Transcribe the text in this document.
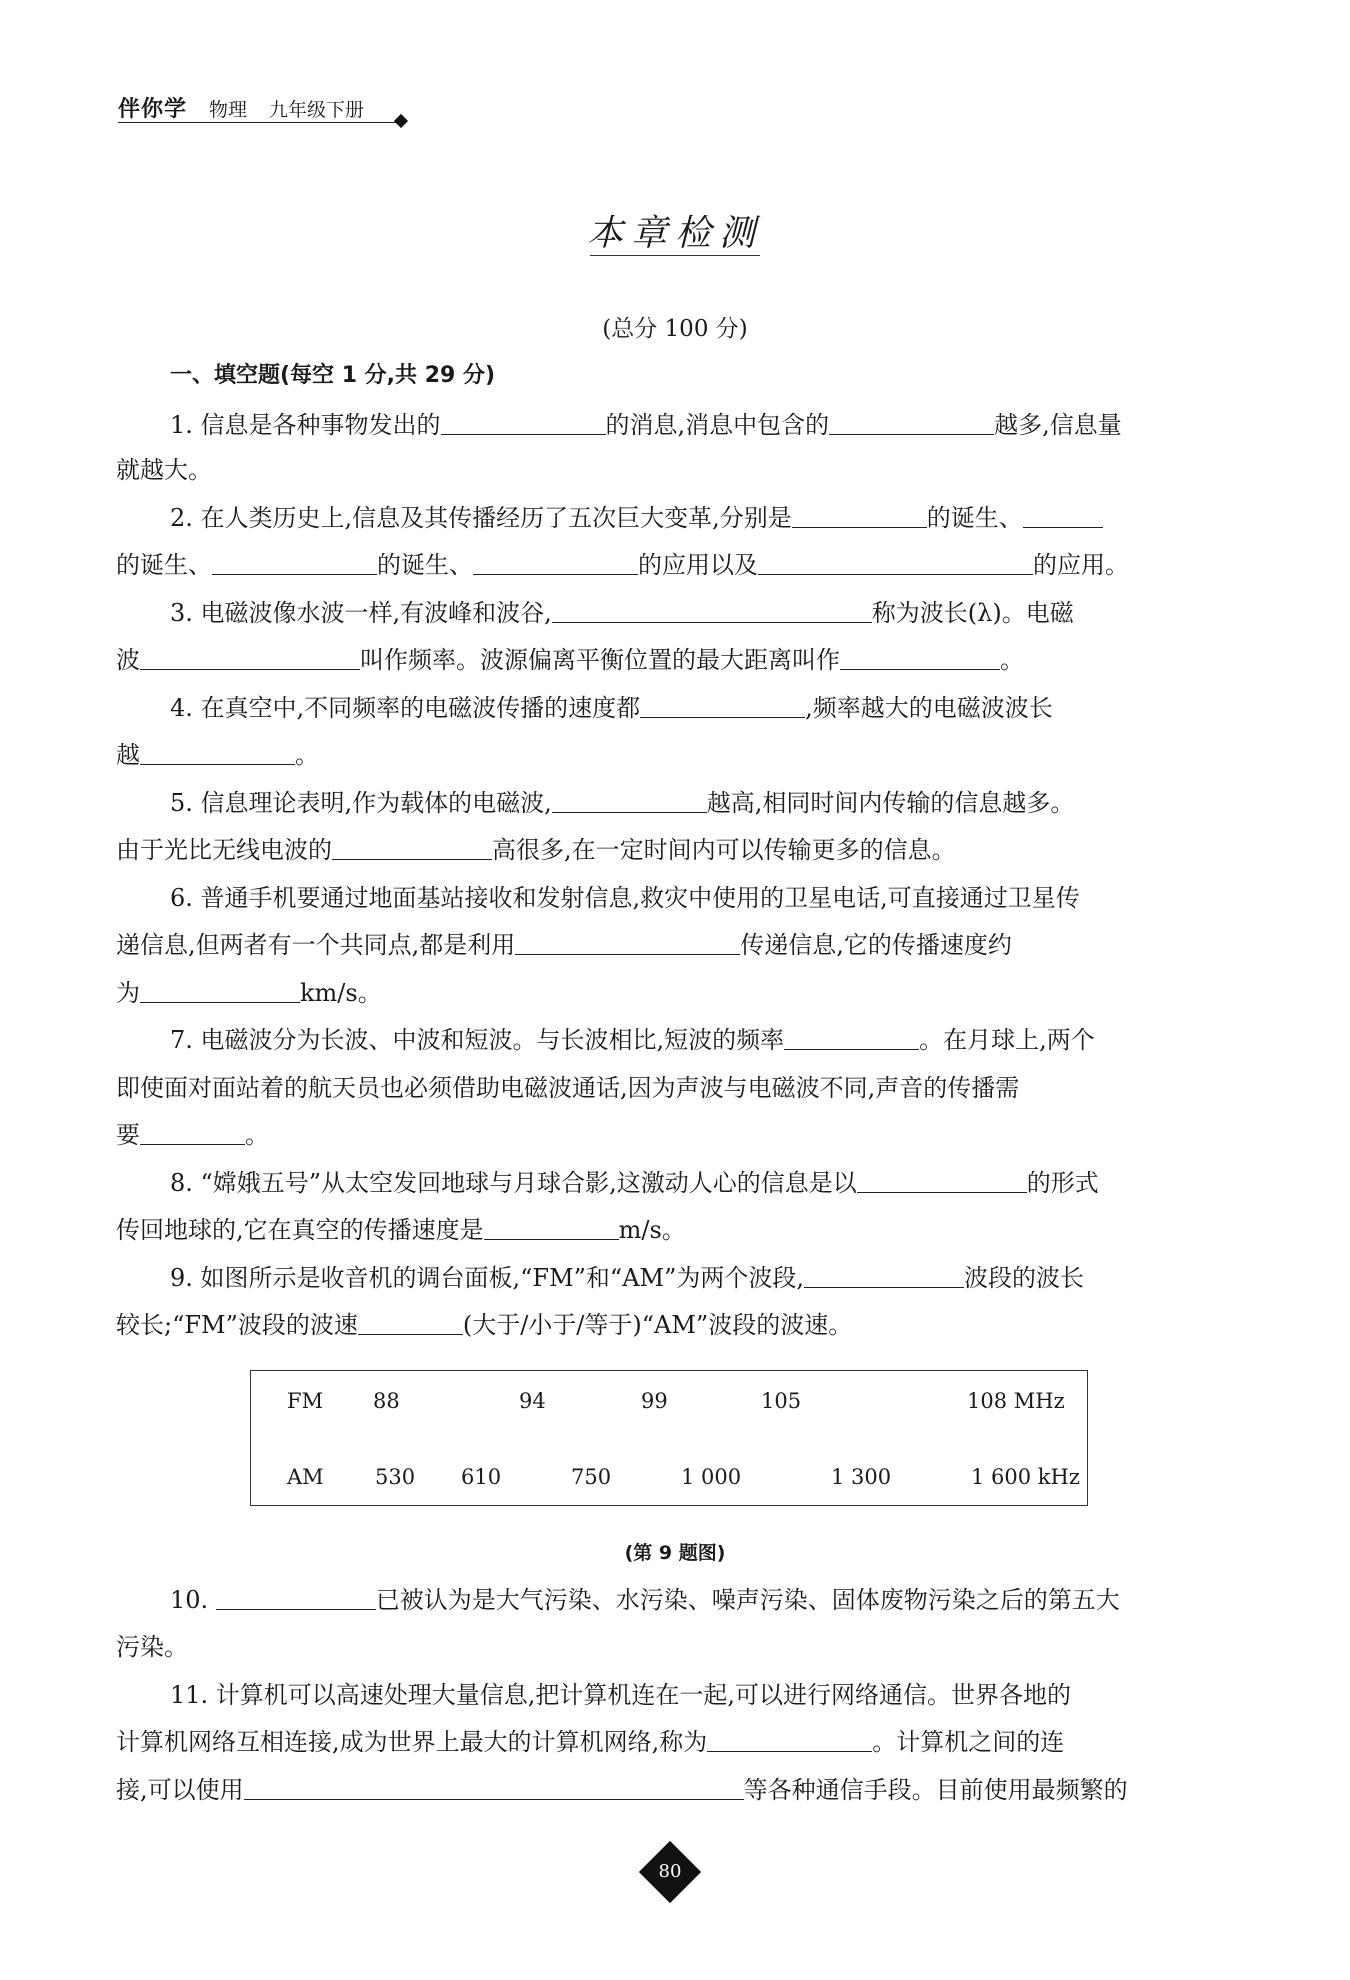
伴你学 物理 九年级下册
本章检测
(总分 100 分)
一、填空题(每空 1 分,共 29 分)
1. 信息是各种事物发出的	的消息,消息中包含的	越多,信息量
就越大。
2. 在人类历史上,信息及其传播经历了五次巨大变革,分别是	的诞生、
的诞生、	的诞生、	的应用以及	的应用。
3. 电磁波像水波一样,有波峰和波谷,	称为波长(λ)。电磁
波	叫作频率。波源偏离平衡位置的最大距离叫作	。
4. 在真空中,不同频率的电磁波传播的速度都	,频率越大的电磁波波长
越	。
5. 信息理论表明,作为载体的电磁波,	越高,相同时间内传输的信息越多。
由于光比无线电波的	高很多,在一定时间内可以传输更多的信息。
6. 普通手机要通过地面基站接收和发射信息,救灾中使用的卫星电话,可直接通过卫星传
递信息,但两者有一个共同点,都是利用	传递信息,它的传播速度约
为	km/s。
7. 电磁波分为长波、中波和短波。与长波相比,短波的频率	。在月球上,两个
即使面对面站着的航天员也必须借助电磁波通话,因为声波与电磁波不同,声音的传播需
要	。
8. “嫦娥五号”从太空发回地球与月球合影,这激动人心的信息是以	的形式
传回地球的,它在真空的传播速度是	m/s。
9. 如图所示是收音机的调台面板,“FM”和“AM”为两个波段,	波段的波长
较长;“FM”波段的波速	(大于/小于/等于)“AM”波段的波速。
FM 88	94	99	105	108 MHz
AM 530 610	750	1 000	1 300	1 600 kHz
(第 9 题图)
10.	已被认为是大气污染、水污染、噪声污染、固体废物污染之后的第五大
污染。
11. 计算机可以高速处理大量信息,把计算机连在一起,可以进行网络通信。世界各地的
计算机网络互相连接,成为世界上最大的计算机网络,称为	。计算机之间的连
接,可以使用	等各种通信手段。目前使用最频繁的
80
